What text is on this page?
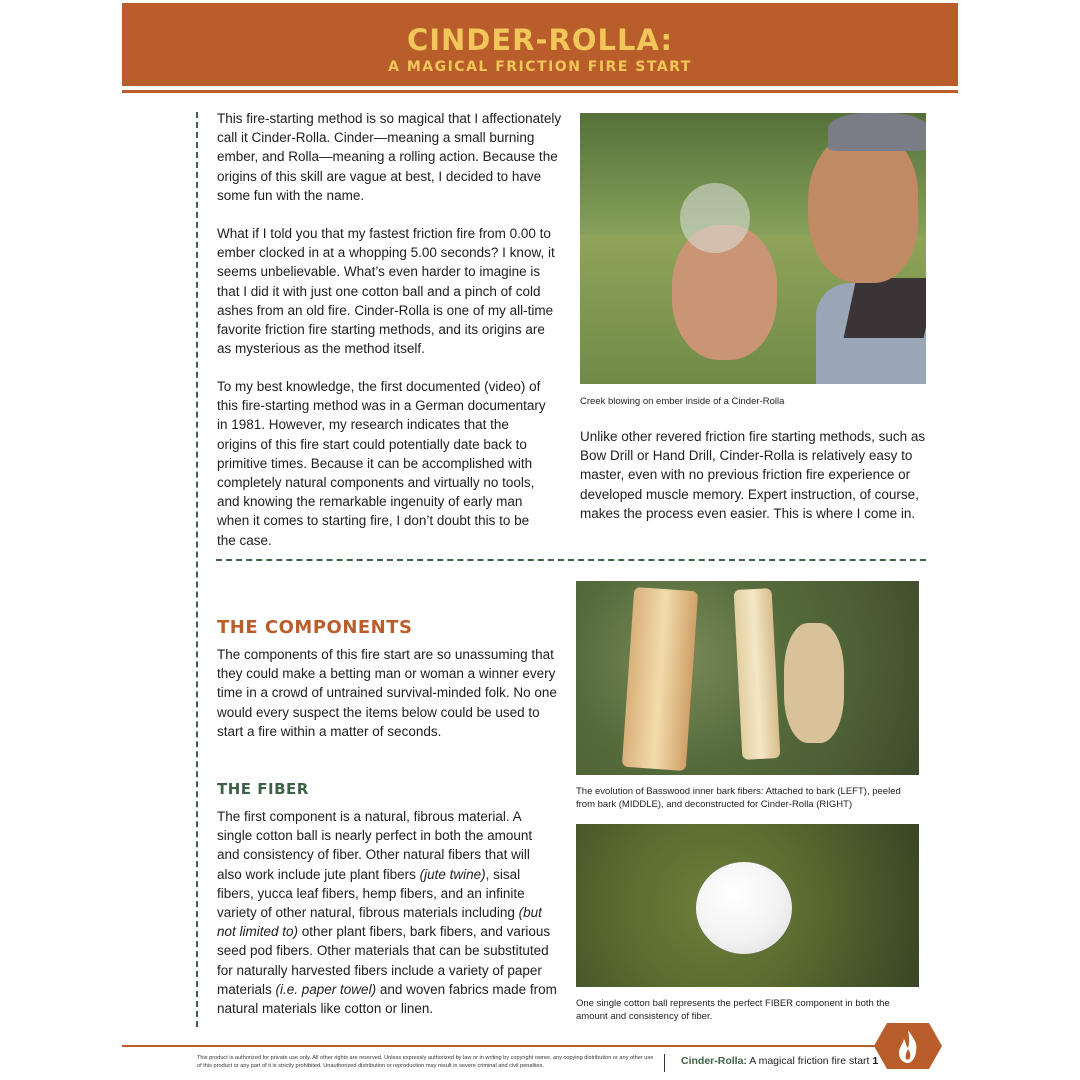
CINDER-ROLLA:
A MAGICAL FRICTION FIRE START

This fire-starting method is so magical that I affectionately call it Cinder-Rolla. Cinder—meaning a small burning ember, and Rolla—meaning a rolling action. Because the origins of this skill are vague at best, I decided to have some fun with the name.

What if I told you that my fastest friction fire from 0.00 to ember clocked in at a whopping 5.00 seconds? I know, it seems unbelievable. What’s even harder to imagine is that I did it with just one cotton ball and a pinch of cold ashes from an old fire. Cinder-Rolla is one of my all-time favorite friction fire starting methods, and its origins are as mysterious as the method itself.

To my best knowledge, the first documented (video) of this fire-starting method was in a German documentary in 1981. However, my research indicates that the origins of this fire start could potentially date back to primitive times. Because it can be accomplished with completely natural components and virtually no tools, and knowing the remarkable ingenuity of early man when it comes to starting fire, I don’t doubt this to be the case.

Creek blowing on ember inside of a Cinder-Rolla

Unlike other revered friction fire starting methods, such as Bow Drill or Hand Drill, Cinder-Rolla is relatively easy to master, even with no previous friction fire experience or developed muscle memory. Expert instruction, of course, makes the process even easier. This is where I come in.

THE COMPONENTS

The components of this fire start are so unassuming that they could make a betting man or woman a winner every time in a crowd of untrained survival-minded folk. No one would every suspect the items below could be used to start a fire within a matter of seconds.

THE FIBER

The first component is a natural, fibrous material. A single cotton ball is nearly perfect in both the amount and consistency of fiber. Other natural fibers that will also work include jute plant fibers (jute twine), sisal fibers, yucca leaf fibers, hemp fibers, and an infinite variety of other natural, fibrous materials including (but not limited to) other plant fibers, bark fibers, and various seed pod fibers. Other materials that can be substituted for naturally harvested fibers include a variety of paper materials (i.e. paper towel) and woven fabrics made from natural materials like cotton or linen.

The evolution of Basswood inner bark fibers: Attached to bark (LEFT), peeled from bark (MIDDLE), and deconstructed for Cinder-Rolla (RIGHT)

One single cotton ball represents the perfect FIBER component in both the amount and consistency of fiber.

This product is authorized for private use only. All other rights are reserved. Unless expressly authorized by law or in writing by copyright owner, any copying distribution or any other use of this product or any part of it is strictly prohibited. Unauthorized distribution or reproduction may result in severe criminal and civil penalties.	Cinder-Rolla: A magical friction fire start 1
